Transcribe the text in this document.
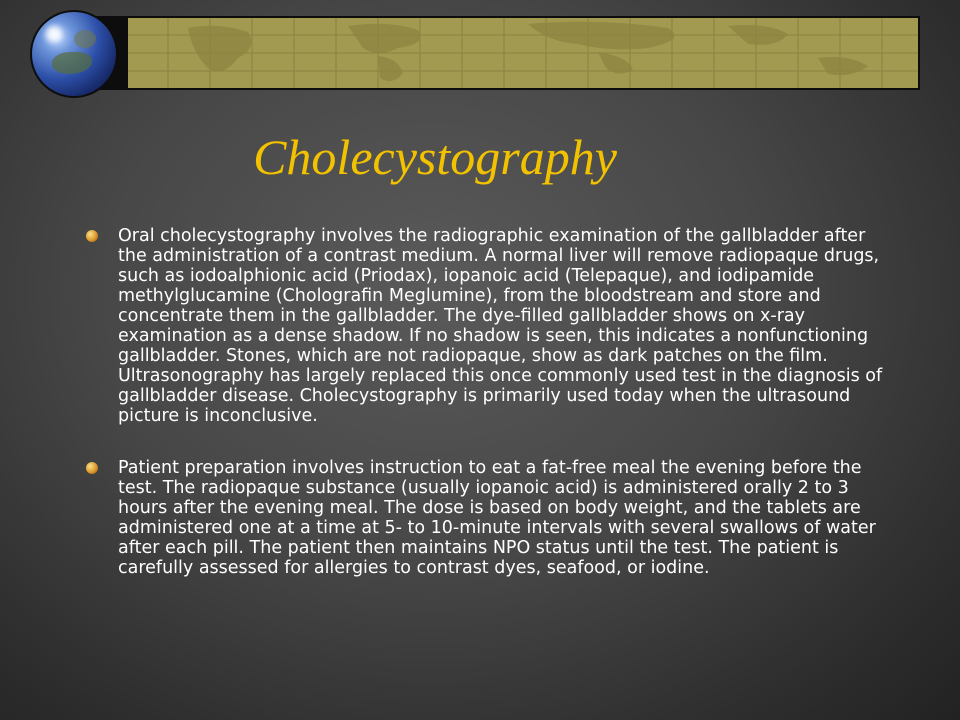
Cholecystography
Oral cholecystography involves the radiographic examination of the gallbladder after the administration of a contrast medium. A normal liver will remove radiopaque drugs, such as iodoalphionic acid (Priodax), iopanoic acid (Telepaque), and iodipamide methylglucamine (Cholografin Meglumine), from the bloodstream and store and concentrate them in the gallbladder. The dye-filled gallbladder shows on x-ray examination as a dense shadow. If no shadow is seen, this indicates a nonfunctioning gallbladder. Stones, which are not radiopaque, show as dark patches on the film. Ultrasonography has largely replaced this once commonly used test in the diagnosis of gallbladder disease. Cholecystography is primarily used today when the ultrasound picture is inconclusive.
Patient preparation involves instruction to eat a fat-free meal the evening before the test. The radiopaque substance (usually iopanoic acid) is administered orally 2 to 3 hours after the evening meal. The dose is based on body weight, and the tablets are administered one at a time at 5- to 10-minute intervals with several swallows of water after each pill. The patient then maintains NPO status until the test. The patient is carefully assessed for allergies to contrast dyes, seafood, or iodine.
